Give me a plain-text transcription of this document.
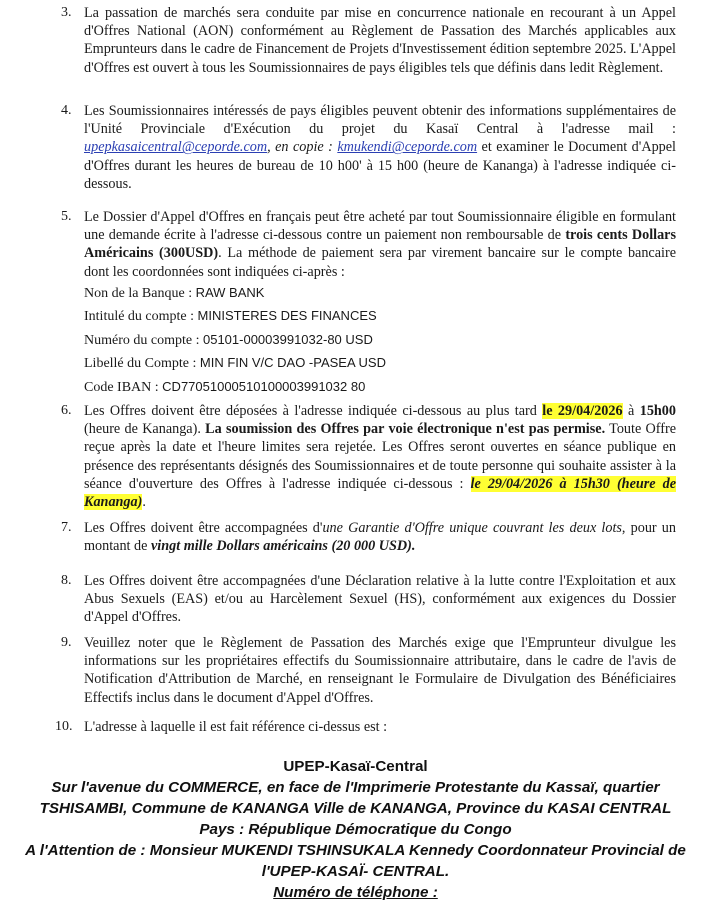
3. La passation de marchés sera conduite par mise en concurrence nationale en recourant à un Appel d'Offres National (AON) conformément au Règlement de Passation des Marchés applicables aux Emprunteurs dans le cadre de Financement de Projets d'Investissement édition septembre 2025. L'Appel d'Offres est ouvert à tous les Soumissionnaires de pays éligibles tels que définis dans ledit Règlement.
4. Les Soumissionnaires intéressés de pays éligibles peuvent obtenir des informations supplémentaires de l'Unité Provinciale d'Exécution du projet du Kasaï Central à l'adresse mail : upepkasaicentral@ceporde.com, en copie : kmukendi@ceporde.com et examiner le Document d'Appel d'Offres durant les heures de bureau de 10 h00' à 15 h00 (heure de Kananga) à l'adresse indiquée ci-dessous.
5. Le Dossier d'Appel d'Offres en français peut être acheté par tout Soumissionnaire éligible en formulant une demande écrite à l'adresse ci-dessous contre un paiement non remboursable de trois cents Dollars Américains (300USD). La méthode de paiement sera par virement bancaire sur le compte bancaire dont les coordonnées sont indiquées ci-après :
Non de la Banque : RAW BANK
Intitulé du compte : MINISTERES DES FINANCES
Numéro du compte : 05101-00003991032-80 USD
Libellé du Compte : MIN FIN V/C DAO -PASEA USD
Code IBAN : CD77051000510100003991032 80
6. Les Offres doivent être déposées à l'adresse indiquée ci-dessous au plus tard le 29/04/2026 à 15h00 (heure de Kananga). La soumission des Offres par voie électronique n'est pas permise. Toute Offre reçue après la date et l'heure limites sera rejetée. Les Offres seront ouvertes en séance publique en présence des représentants désignés des Soumissionnaires et de toute personne qui souhaite assister à la séance d'ouverture des Offres à l'adresse indiquée ci-dessous : le 29/04/2026 à 15h30 (heure de Kananga).
7. Les Offres doivent être accompagnées d'une Garantie d'Offre unique couvrant les deux lots, pour un montant de vingt mille Dollars américains (20 000 USD).
8. Les Offres doivent être accompagnées d'une Déclaration relative à la lutte contre l'Exploitation et aux Abus Sexuels (EAS) et/ou au Harcèlement Sexuel (HS), conformément aux exigences du Dossier d'Appel d'Offres.
9. Veuillez noter que le Règlement de Passation des Marchés exige que l'Emprunteur divulgue les informations sur les propriétaires effectifs du Soumissionnaire attributaire, dans le cadre de l'avis de Notification d'Attribution de Marché, en renseignant le Formulaire de Divulgation des Bénéficiaires Effectifs inclus dans le document d'Appel d'Offres.
10. L'adresse à laquelle il est fait référence ci-dessus est :
UPEP-Kasaï-Central
Sur l'avenue du COMMERCE, en face de l'Imprimerie Protestante du Kassaï, quartier TSHISAMBI, Commune de KANANGA Ville de KANANGA, Province du KASAI CENTRAL
Pays : République Démocratique du Congo
A l'Attention de : Monsieur MUKENDI TSHINSUKALA Kennedy Coordonnateur Provincial de l'UPEP-KASAÏ- CENTRAL.
Numéro de téléphone :
